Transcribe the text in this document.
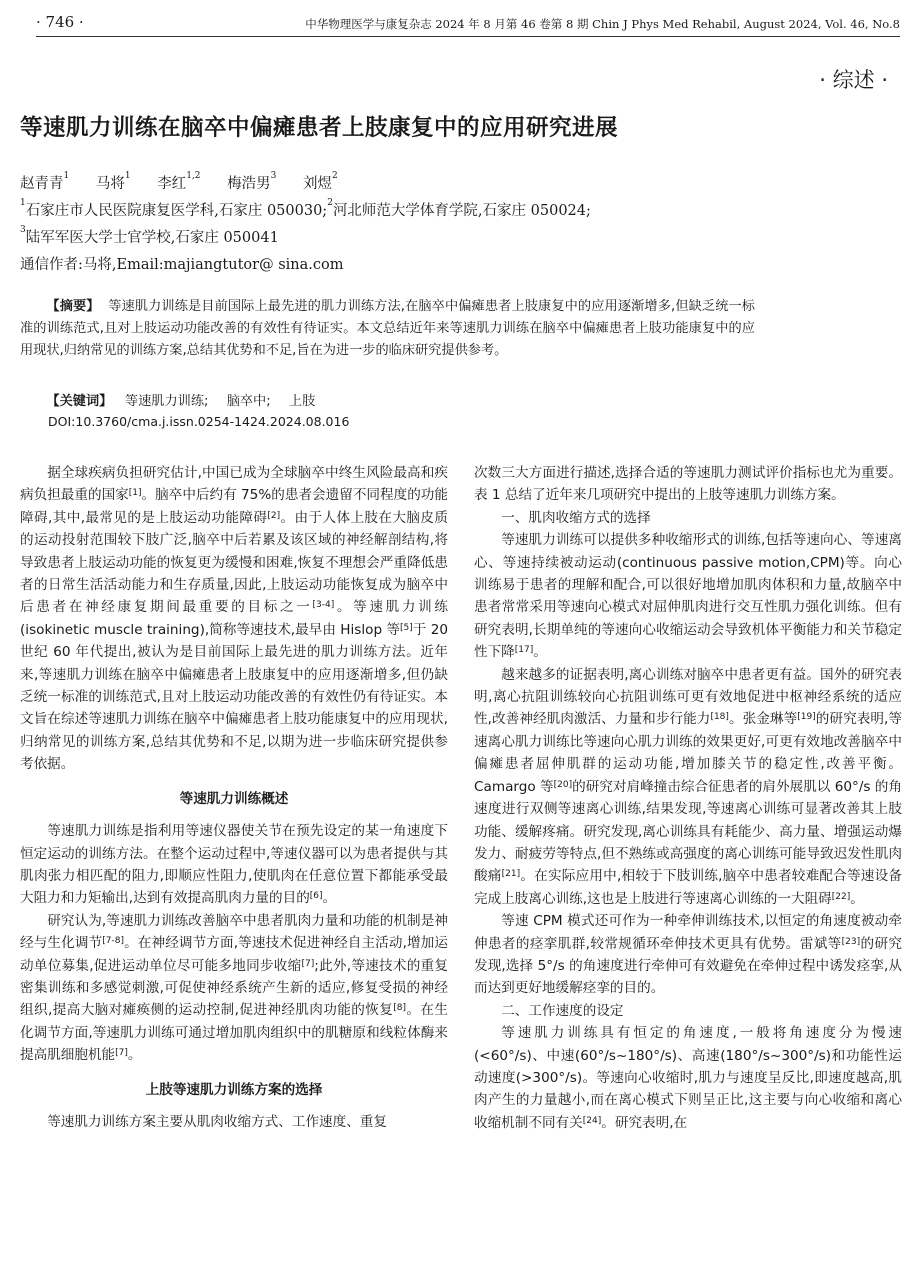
· 746 ·	中华物理医学与康复杂志 2024 年 8 月第 46 卷第 8 期 Chin J Phys Med Rehabil, August 2024, Vol. 46, No.8
· 综述 ·
等速肌力训练在脑卒中偏瘫患者上肢康复中的应用研究进展
赵青青$^1$ 马将$^1$ 李红$^{1,2}$ 梅浩男$^3$ 刘煜$^2$
$^1$石家庄市人民医院康复医学科,石家庄 050030;$^2$河北师范大学体育学院,石家庄 050024;
$^3$陆军军医大学士官学校,石家庄 050041
通信作者:马将,Email:majiangtutor@ sina.com
【摘要】 等速肌力训练是目前国际上最先进的肌力训练方法,在脑卒中偏瘫患者上肢康复中的应用逐渐增多,但缺乏统一标准的训练范式,且对上肢运动功能改善的有效性有待证实。本文总结近年来等速肌力训练在脑卒中偏瘫患者上肢功能康复中的应用现状,归纳常见的训练方案,总结其优势和不足,旨在为进一步的临床研究提供参考。
【关键词】 等速肌力训练; 脑卒中; 上肢
DOI:10.3760/cma.j.issn.0254-1424.2024.08.016

据全球疾病负担研究估计,中国已成为全球脑卒中终生风险最高和疾病负担最重的国家[1]。脑卒中后约有 75%的患者会遗留不同程度的功能障碍,其中,最常见的是上肢运动功能障碍[2]。由于人体上肢在大脑皮质的运动投射范围较下肢广泛,脑卒中后若累及该区域的神经解剖结构,将导致患者上肢运动功能的恢复更为缓慢和困难,恢复不理想会严重降低患者的日常生活活动能力和生存质量,因此,上肢运动功能恢复成为脑卒中后患者在神经康复期间最重要的目标之一[3-4]。等速肌力训练(isokinetic muscle training),简称等速技术,最早由 Hislop 等[5]于 20 世纪 60 年代提出,被认为是目前国际上最先进的肌力训练方法。近年来,等速肌力训练在脑卒中偏瘫患者上肢康复中的应用逐渐增多,但仍缺乏统一标准的训练范式,且对上肢运动功能改善的有效性仍有待证实。本文旨在综述等速肌力训练在脑卒中偏瘫患者上肢功能康复中的应用现状,归纳常见的训练方案,总结其优势和不足,以期为进一步临床研究提供参考依据。

等速肌力训练概述

等速肌力训练是指利用等速仪器使关节在预先设定的某一角速度下恒定运动的训练方法。在整个运动过程中,等速仪器可以为患者提供与其肌肉张力相匹配的阻力,即顺应性阻力,使肌肉在任意位置下都能承受最大阻力和力矩输出,达到有效提高肌肉力量的目的[6]。

研究认为,等速肌力训练改善脑卒中患者肌肉力量和功能的机制是神经与生化调节[7-8]。在神经调节方面,等速技术促进神经自主活动,增加运动单位募集,促进运动单位尽可能多地同步收缩[7];此外,等速技术的重复密集训练和多感觉刺激,可促使神经系统产生新的适应,修复受损的神经组织,提高大脑对瘫痪侧的运动控制,促进神经肌肉功能的恢复[8]。在生化调节方面,等速肌力训练可通过增加肌肉组织中的肌糖原和线粒体酶来提高肌细胞机能[7]。

上肢等速肌力训练方案的选择

等速肌力训练方案主要从肌肉收缩方式、工作速度、重复

次数三大方面进行描述,选择合适的等速肌力测试评价指标也尤为重要。表 1 总结了近年来几项研究中提出的上肢等速肌力训练方案。

一、肌肉收缩方式的选择

等速肌力训练可以提供多种收缩形式的训练,包括等速向心、等速离心、等速持续被动运动(continuous passive motion,CPM)等。向心训练易于患者的理解和配合,可以很好地增加肌肉体积和力量,故脑卒中患者常常采用等速向心模式对屈伸肌肉进行交互性肌力强化训练。但有研究表明,长期单纯的等速向心收缩运动会导致机体平衡能力和关节稳定性下降[17]。

越来越多的证据表明,离心训练对脑卒中患者更有益。国外的研究表明,离心抗阻训练较向心抗阻训练可更有效地促进中枢神经系统的适应性,改善神经肌肉激活、力量和步行能力[18]。张金琳等[19]的研究表明,等速离心肌力训练比等速向心肌力训练的效果更好,可更有效地改善脑卒中偏瘫患者屈伸肌群的运动功能,增加膝关节的稳定性,改善平衡。Camargo 等[20]的研究对肩峰撞击综合征患者的肩外展肌以 60°/s 的角速度进行双侧等速离心训练,结果发现,等速离心训练可显著改善其上肢功能、缓解疼痛。研究发现,离心训练具有耗能少、高力量、增强运动爆发力、耐疲劳等特点,但不熟练或高强度的离心训练可能导致迟发性肌肉酸痛[21]。在实际应用中,相较于下肢训练,脑卒中患者较难配合等速设备完成上肢离心训练,这也是上肢进行等速离心训练的一大阻碍[22]。

等速 CPM 模式还可作为一种牵伸训练技术,以恒定的角速度被动牵伸患者的痉挛肌群,较常规循环牵伸技术更具有优势。雷斌等[23]的研究发现,选择 5°/s 的角速度进行牵伸可有效避免在牵伸过程中诱发痉挛,从而达到更好地缓解痉挛的目的。

二、工作速度的设定

等速肌力训练具有恒定的角速度,一般将角速度分为慢速(<60°/s)、中速(60°/s~180°/s)、高速(180°/s~300°/s)和功能性运动速度(>300°/s)。等速向心收缩时,肌力与速度呈反比,即速度越高,肌肉产生的力量越小,而在离心模式下则呈正比,这主要与向心收缩和离心收缩机制不同有关[24]。研究表明,在
